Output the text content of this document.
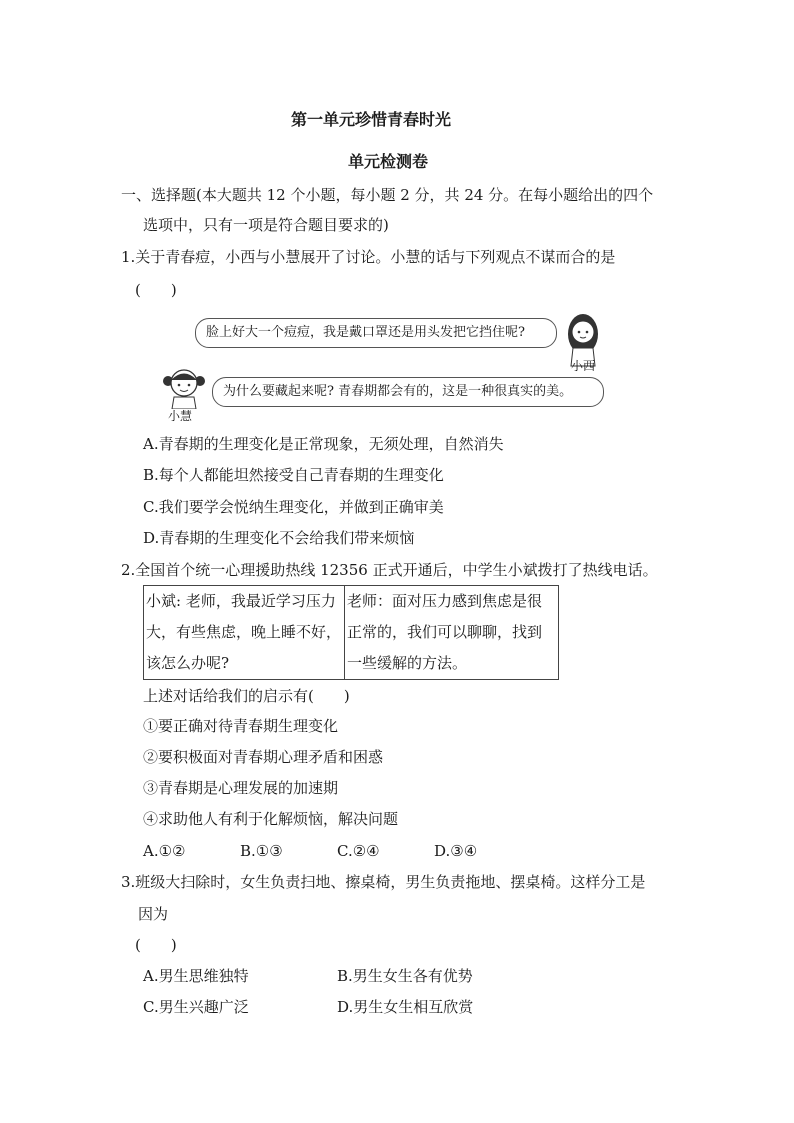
第一单元珍惜青春时光
单元检测卷
一、选择题(本大题共 12 个小题，每小题 2 分，共 24 分。在每小题给出的四个
选项中，只有一项是符合题目要求的)
1.关于青春痘，小西与小慧展开了讨论。小慧的话与下列观点不谋而合的是
(　　)
脸上好大一个痘痘，我是戴口罩还是用头发把它挡住呢?
小西
小慧
为什么要藏起来呢? 青春期都会有的，这是一种很真实的美。
A.青春期的生理变化是正常现象，无须处理，自然消失
B.每个人都能坦然接受自己青春期的生理变化
C.我们要学会悦纳生理变化，并做到正确审美
D.青春期的生理变化不会给我们带来烦恼
2.全国首个统一心理援助热线 12356 正式开通后，中学生小斌拨打了热线电话。
小斌: 老师，我最近学习压力
大，有些焦虑，晚上睡不好，
该怎么办呢?

老师：面对压力感到焦虑是很
正常的，我们可以聊聊，找到
一些缓解的方法。
上述对话给我们的启示有(　　)
①要正确对待青春期生理变化
②要积极面对青春期心理矛盾和困惑
③青春期是心理发展的加速期
④求助他人有利于化解烦恼，解决问题
A.①②	B.①③	C.②④	D.③④
3.班级大扫除时，女生负责扫地、擦桌椅，男生负责拖地、摆桌椅。这样分工是
因为
(　　)
A.男生思维独特	B.男生女生各有优势
C.男生兴趣广泛	D.男生女生相互欣赏
